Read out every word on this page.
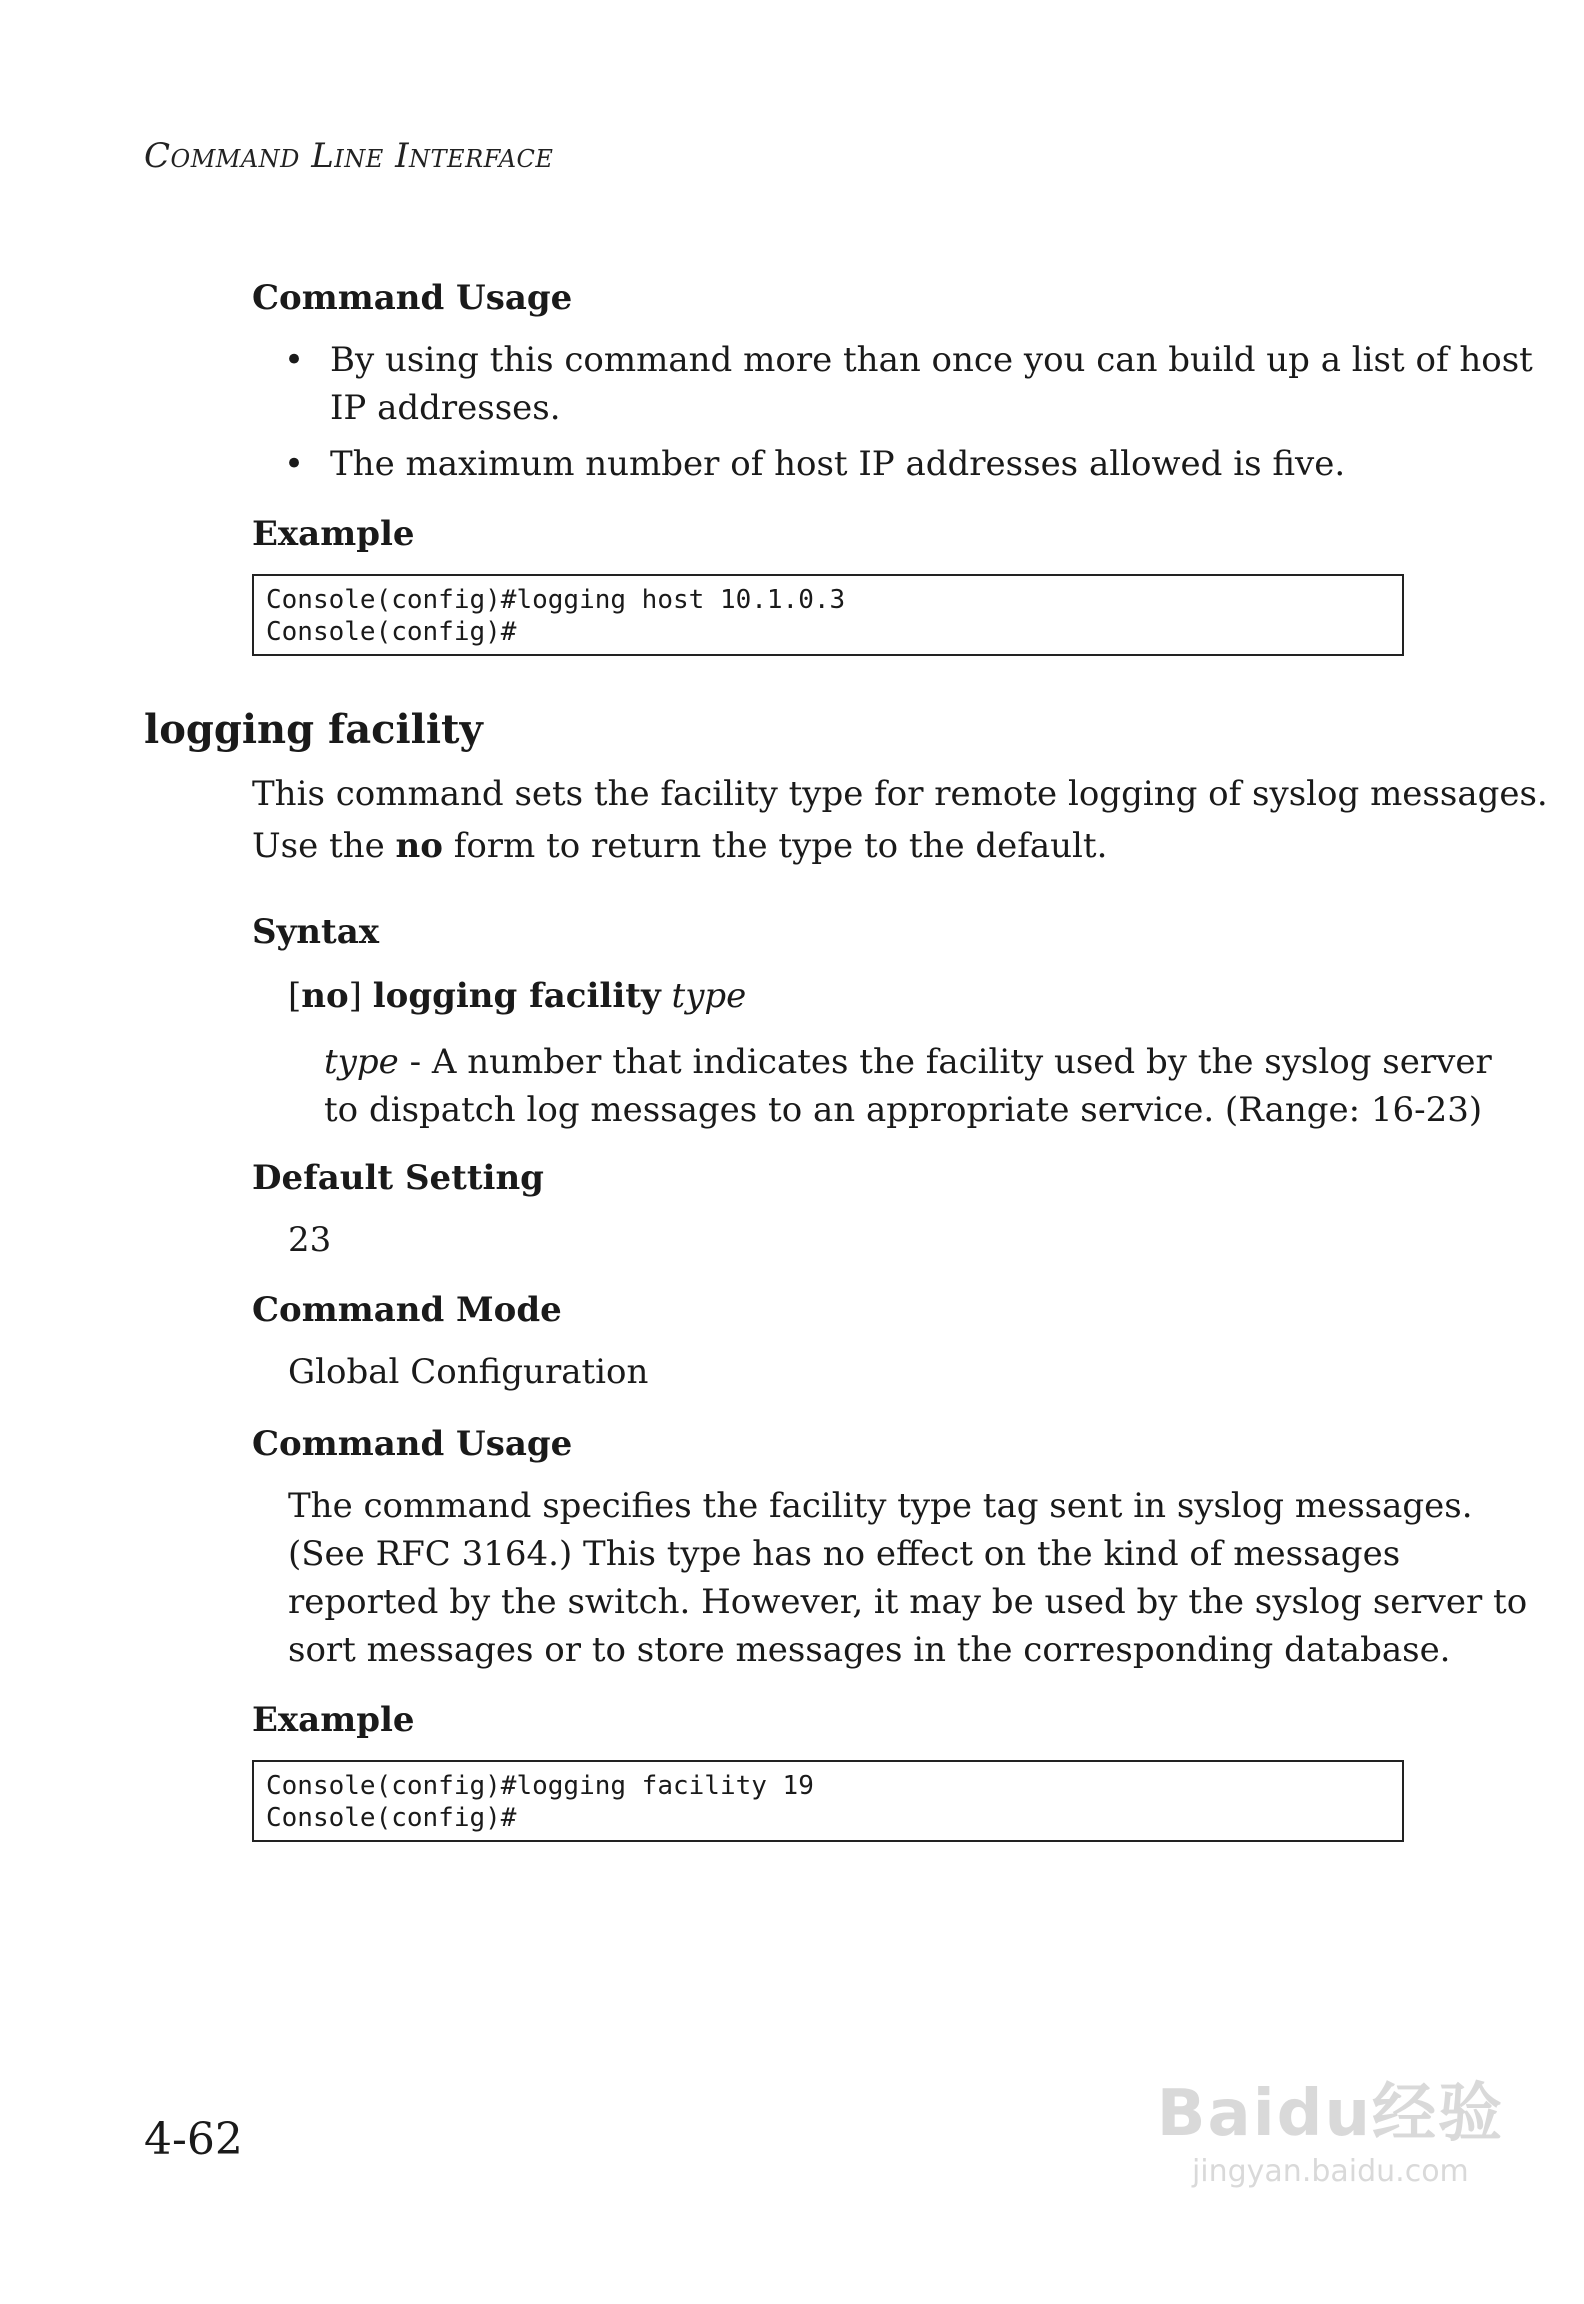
Command Line Interface
Command Usage
• By using this command more than once you can build up a list of host
IP addresses.
• The maximum number of host IP addresses allowed is five.
Example
Console(config)#logging host 10.1.0.3
Console(config)#
logging facility
This command sets the facility type for remote logging of syslog messages.
Use the no form to return the type to the default.
Syntax
[no] logging facility type
type - A number that indicates the facility used by the syslog server
to dispatch log messages to an appropriate service. (Range: 16-23)
Default Setting
23
Command Mode
Global Configuration
Command Usage
The command specifies the facility type tag sent in syslog messages.
(See RFC 3164.) This type has no effect on the kind of messages
reported by the switch. However, it may be used by the syslog server to
sort messages or to store messages in the corresponding database.
Example
Console(config)#logging facility 19
Console(config)#
4-62	Baidu经验
jingyan.baidu.com
